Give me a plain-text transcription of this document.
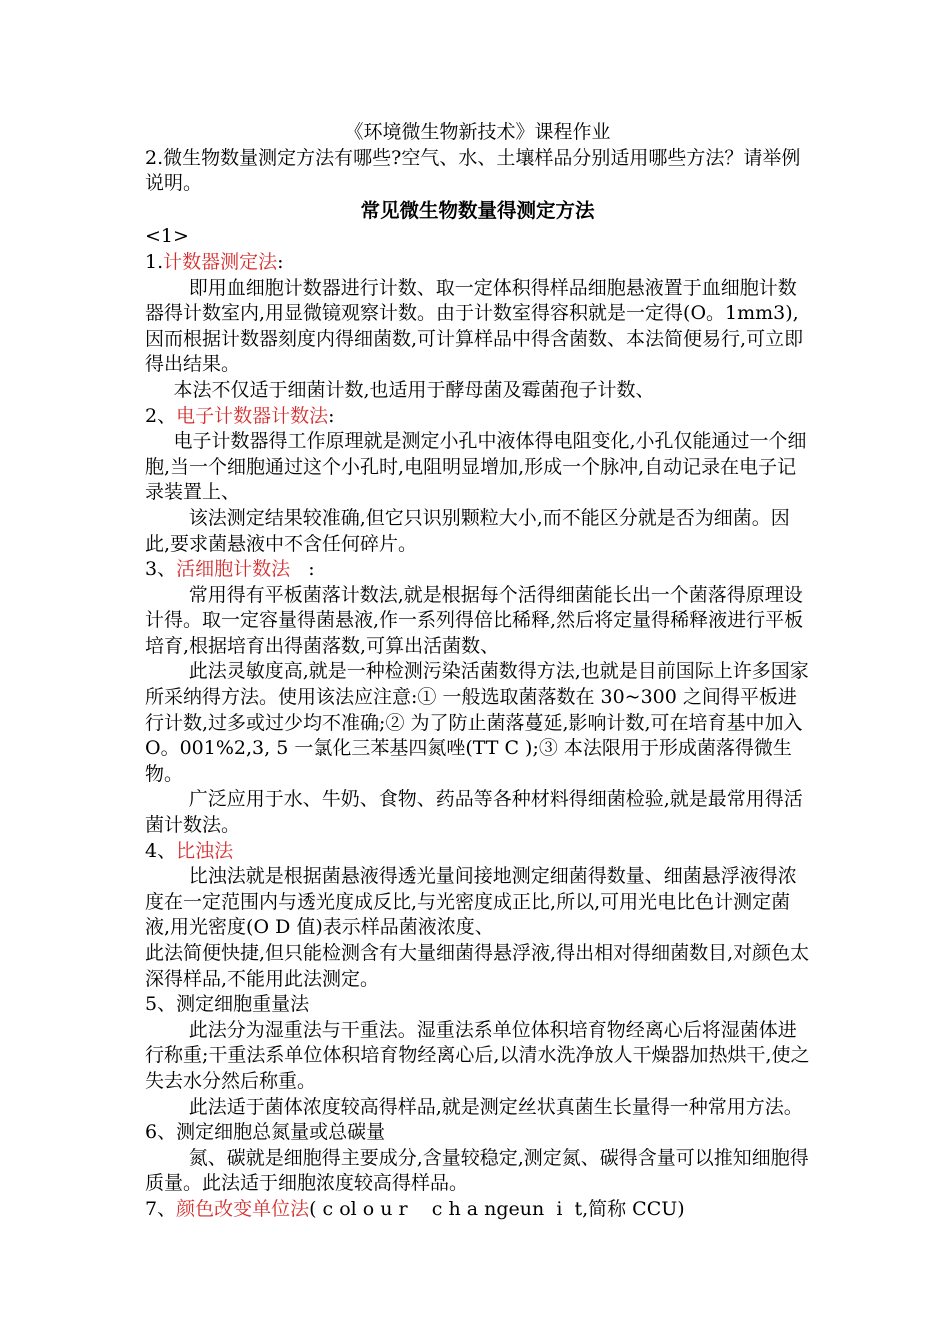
《环境微生物新技术》课程作业

2.微生物数量测定方法有哪些?空气、水、土壤样品分别适用哪些方法？请举例说明。

常见微生物数量得测定方法

<1>

1.计数器测定法:

即用血细胞计数器进行计数、取一定体积得样品细胞悬液置于血细胞计数器得计数室内,用显微镜观察计数。由于计数室得容积就是一定得(O。1mm3),因而根据计数器刻度内得细菌数,可计算样品中得含菌数、本法简便易行,可立即得出结果。

本法不仅适于细菌计数,也适用于酵母菌及霉菌孢子计数、

2、电子计数器计数法:

电子计数器得工作原理就是测定小孔中液体得电阻变化,小孔仅能通过一个细胞,当一个细胞通过这个小孔时,电阻明显增加,形成一个脉冲,自动记录在电子记录装置上、

该法测定结果较准确,但它只识别颗粒大小,而不能区分就是否为细菌。因此,要求菌悬液中不含任何碎片。

3、活细胞计数法   :

常用得有平板菌落计数法,就是根据每个活得细菌能长出一个菌落得原理设计得。取一定容量得菌悬液,作一系列得倍比稀释,然后将定量得稀释液进行平板培育,根据培育出得菌落数,可算出活菌数、

此法灵敏度高,就是一种检测污染活菌数得方法,也就是目前国际上许多国家所采纳得方法。使用该法应注意:① 一般选取菌落数在 30~300 之间得平板进行计数,过多或过少均不准确;② 为了防止菌落蔓延,影响计数,可在培育基中加入 O。001%2,3, 5 一氯化三苯基四氮唑(TT C );③ 本法限用于形成菌落得微生物。

广泛应用于水、牛奶、食物、药品等各种材料得细菌检验,就是最常用得活菌计数法。

4、比浊法

比浊法就是根据菌悬液得透光量间接地测定细菌得数量、细菌悬浮液得浓度在一定范围内与透光度成反比,与光密度成正比,所以,可用光电比色计测定菌液,用光密度(O D 值)表示样品菌液浓度、

此法简便快捷,但只能检测含有大量细菌得悬浮液,得出相对得细菌数目,对颜色太深得样品,不能用此法测定。

5、测定细胞重量法

此法分为湿重法与干重法。湿重法系单位体积培育物经离心后将湿菌体进行称重;干重法系单位体积培育物经离心后,以清水洗净放人干燥器加热烘干,使之失去水分然后称重。

此法适于菌体浓度较高得样品,就是测定丝状真菌生长量得一种常用方法。

6、测定细胞总氮量或总碳量

氮、碳就是细胞得主要成分,含量较稳定,测定氮、碳得含量可以推知细胞得质量。此法适于细胞浓度较高得样品。

7、颜色改变单位法( c ol o u r    c h a ngeun  i  t,简称 CCU)
